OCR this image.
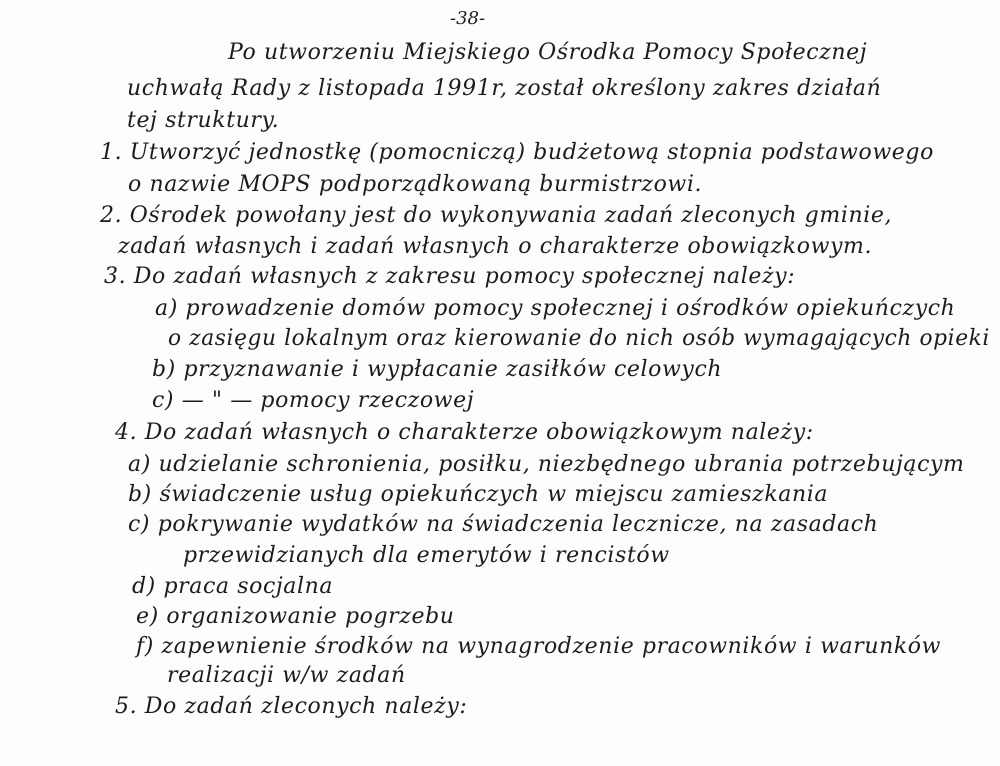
-38-
Po utworzeniu Miejskiego Ośrodka Pomocy Społecznej
uchwałą Rady z listopada 1991r, został określony zakres działań
tej struktury.
1. Utworzyć jednostkę (pomocniczą) budżetową stopnia podstawowego
o nazwie MOPS podporządkowaną burmistrzowi.
2. Ośrodek powołany jest do wykonywania zadań zleconych gminie,
zadań własnych i zadań własnych o charakterze obowiązkowym.
3. Do zadań własnych z zakresu pomocy społecznej należy:
a) prowadzenie domów pomocy społecznej i ośrodków opiekuńczych
o zasięgu lokalnym oraz kierowanie do nich osób wymagających opieki
b) przyznawanie i wypłacanie zasiłków celowych
c) — " — pomocy rzeczowej
4. Do zadań własnych o charakterze obowiązkowym należy:
a) udzielanie schronienia, posiłku, niezbędnego ubrania potrzebującym
b) świadczenie usług opiekuńczych w miejscu zamieszkania
c) pokrywanie wydatków na świadczenia lecznicze, na zasadach
przewidzianych dla emerytów i rencistów
d) praca socjalna
e) organizowanie pogrzebu
f) zapewnienie środków na wynagrodzenie pracowników i warunków
realizacji w/w zadań
5. Do zadań zleconych należy:
